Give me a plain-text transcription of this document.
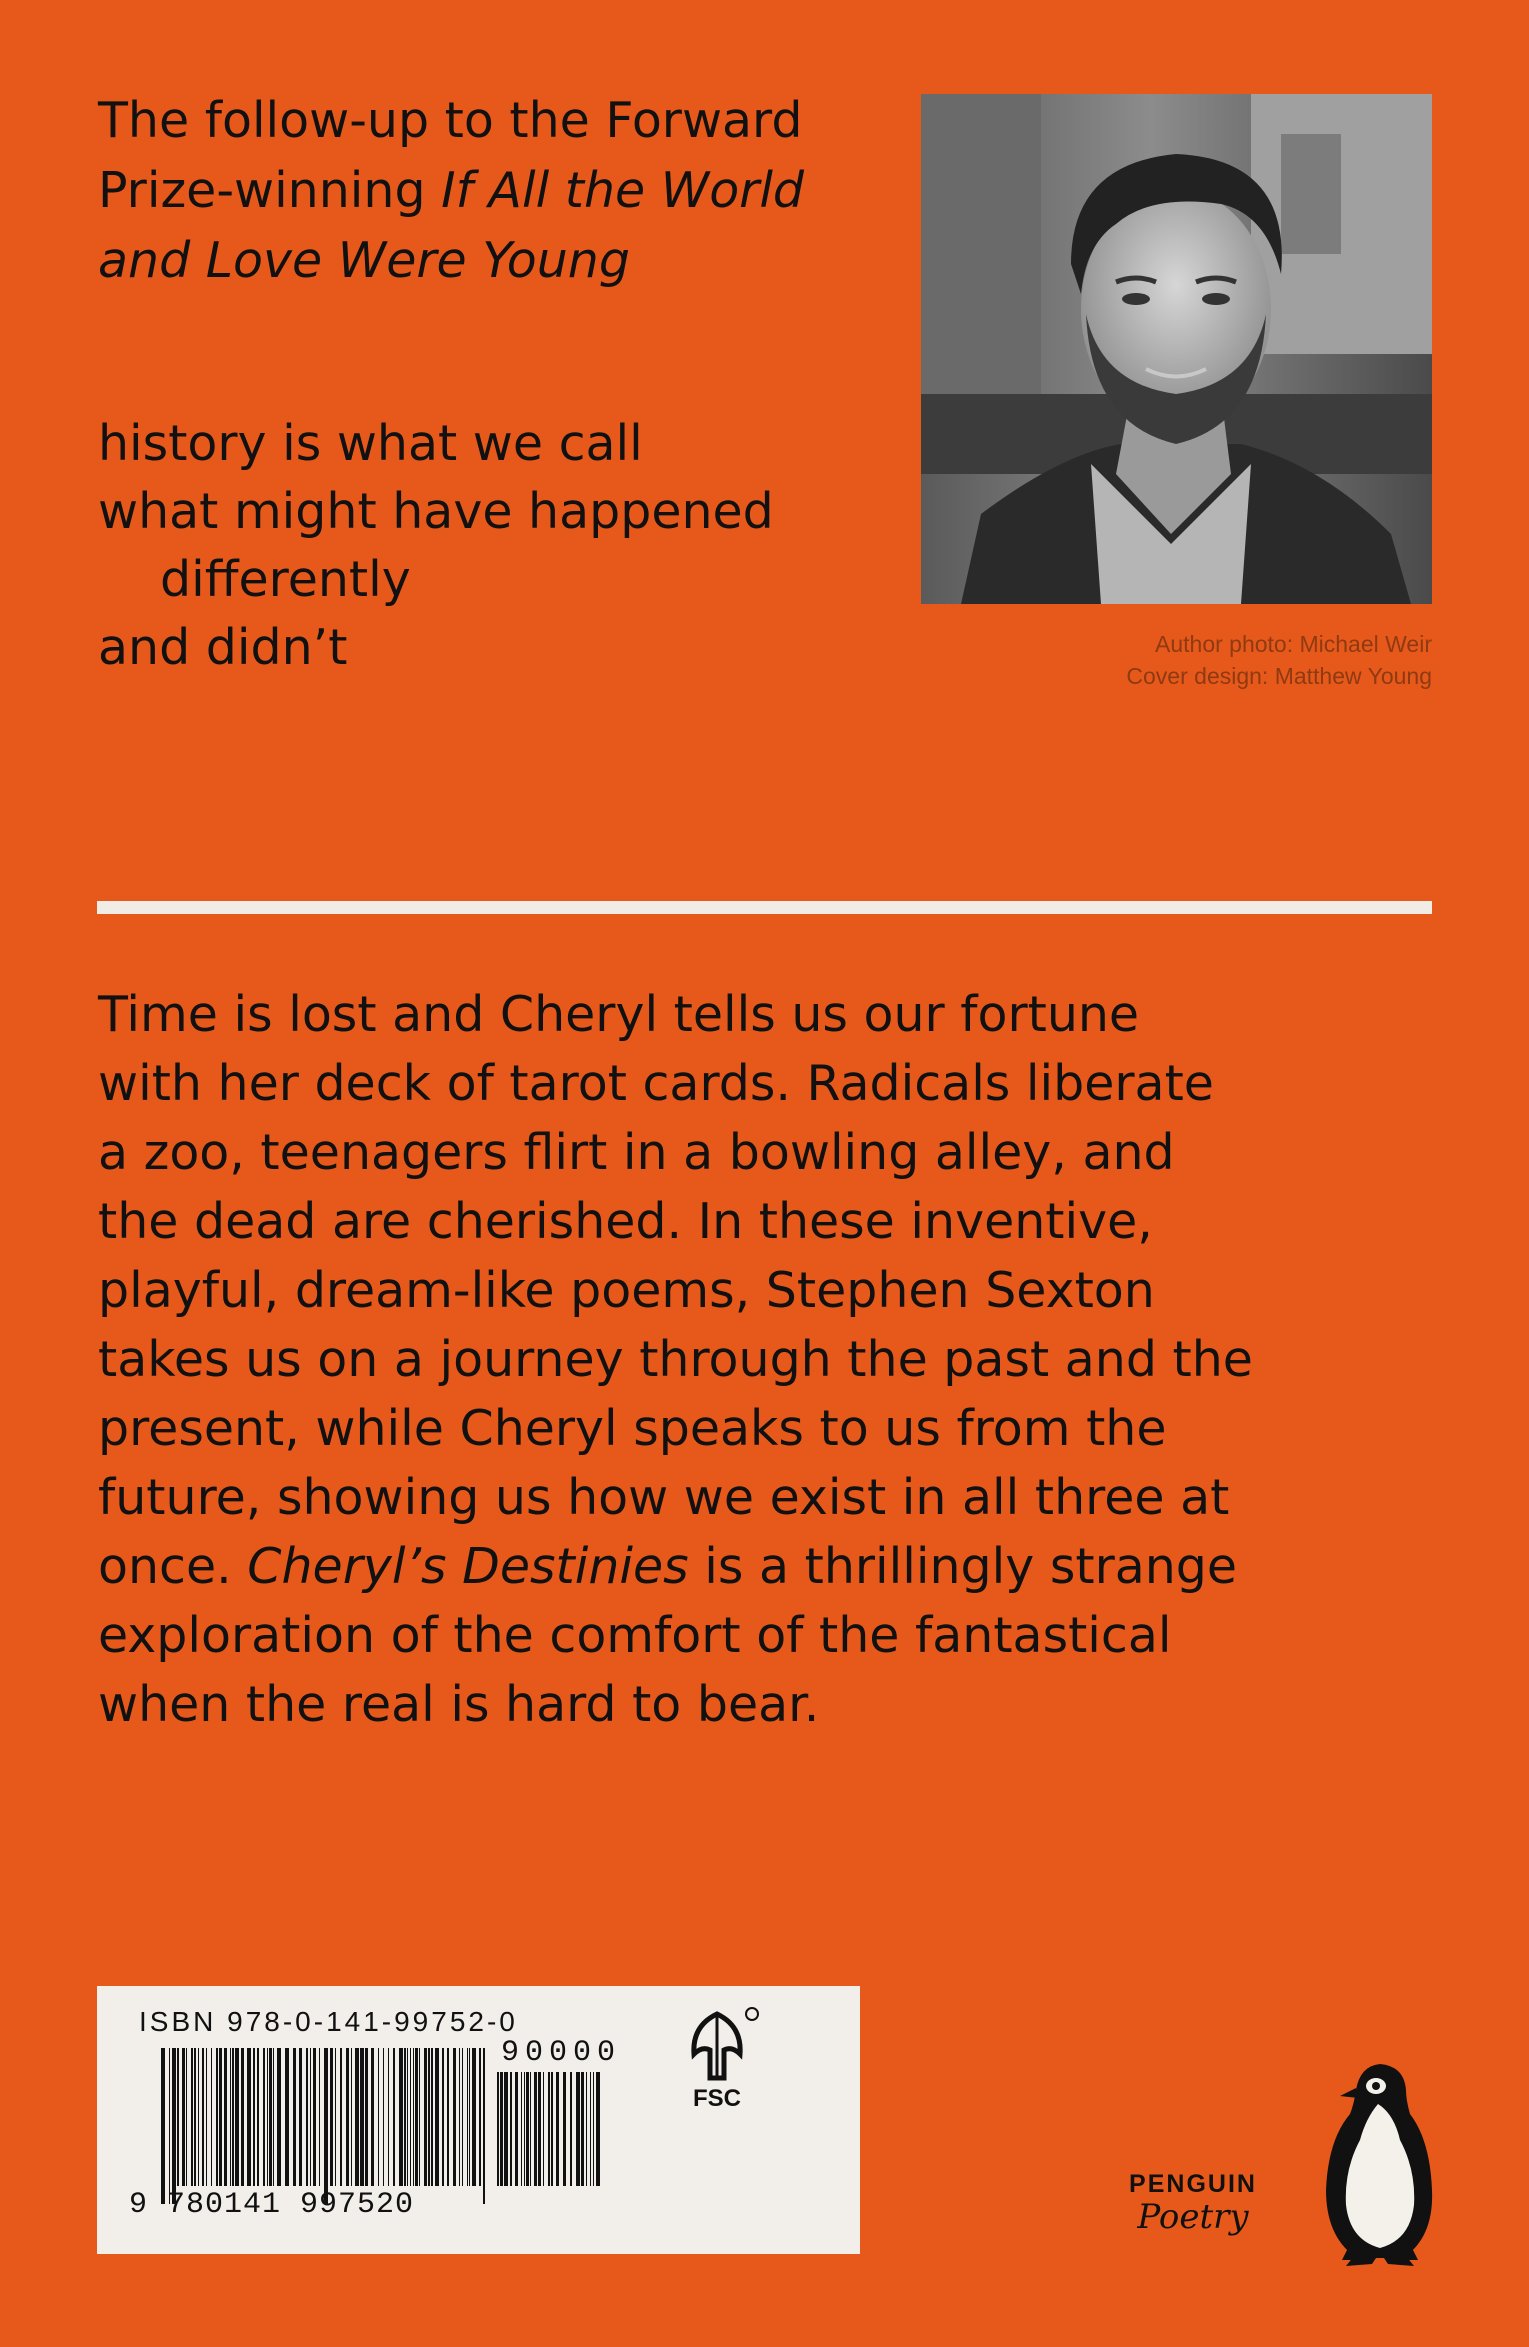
The follow-up to the Forward
Prize-winning If All the World
and Love Were Young
history is what we call
what might have happened
differently
and didn’t	Author photo: Michael Weir
Cover design: Matthew Young
Time is lost and Cheryl tells us our fortune
with her deck of tarot cards. Radicals liberate
a zoo, teenagers flirt in a bowling alley, and
the dead are cherished. In these inventive,
playful, dream-like poems, Stephen Sexton
takes us on a journey through the past and the
present, while Cheryl speaks to us from the
future, showing us how we exist in all three at
once. Cheryl’s Destinies is a thrillingly strange
exploration of the comfort of the fantastical
when the real is hard to bear.
ISBN 978-0-141-99752-0
90000
9 780141 997520
FSC
PENGUIN
Poetry
